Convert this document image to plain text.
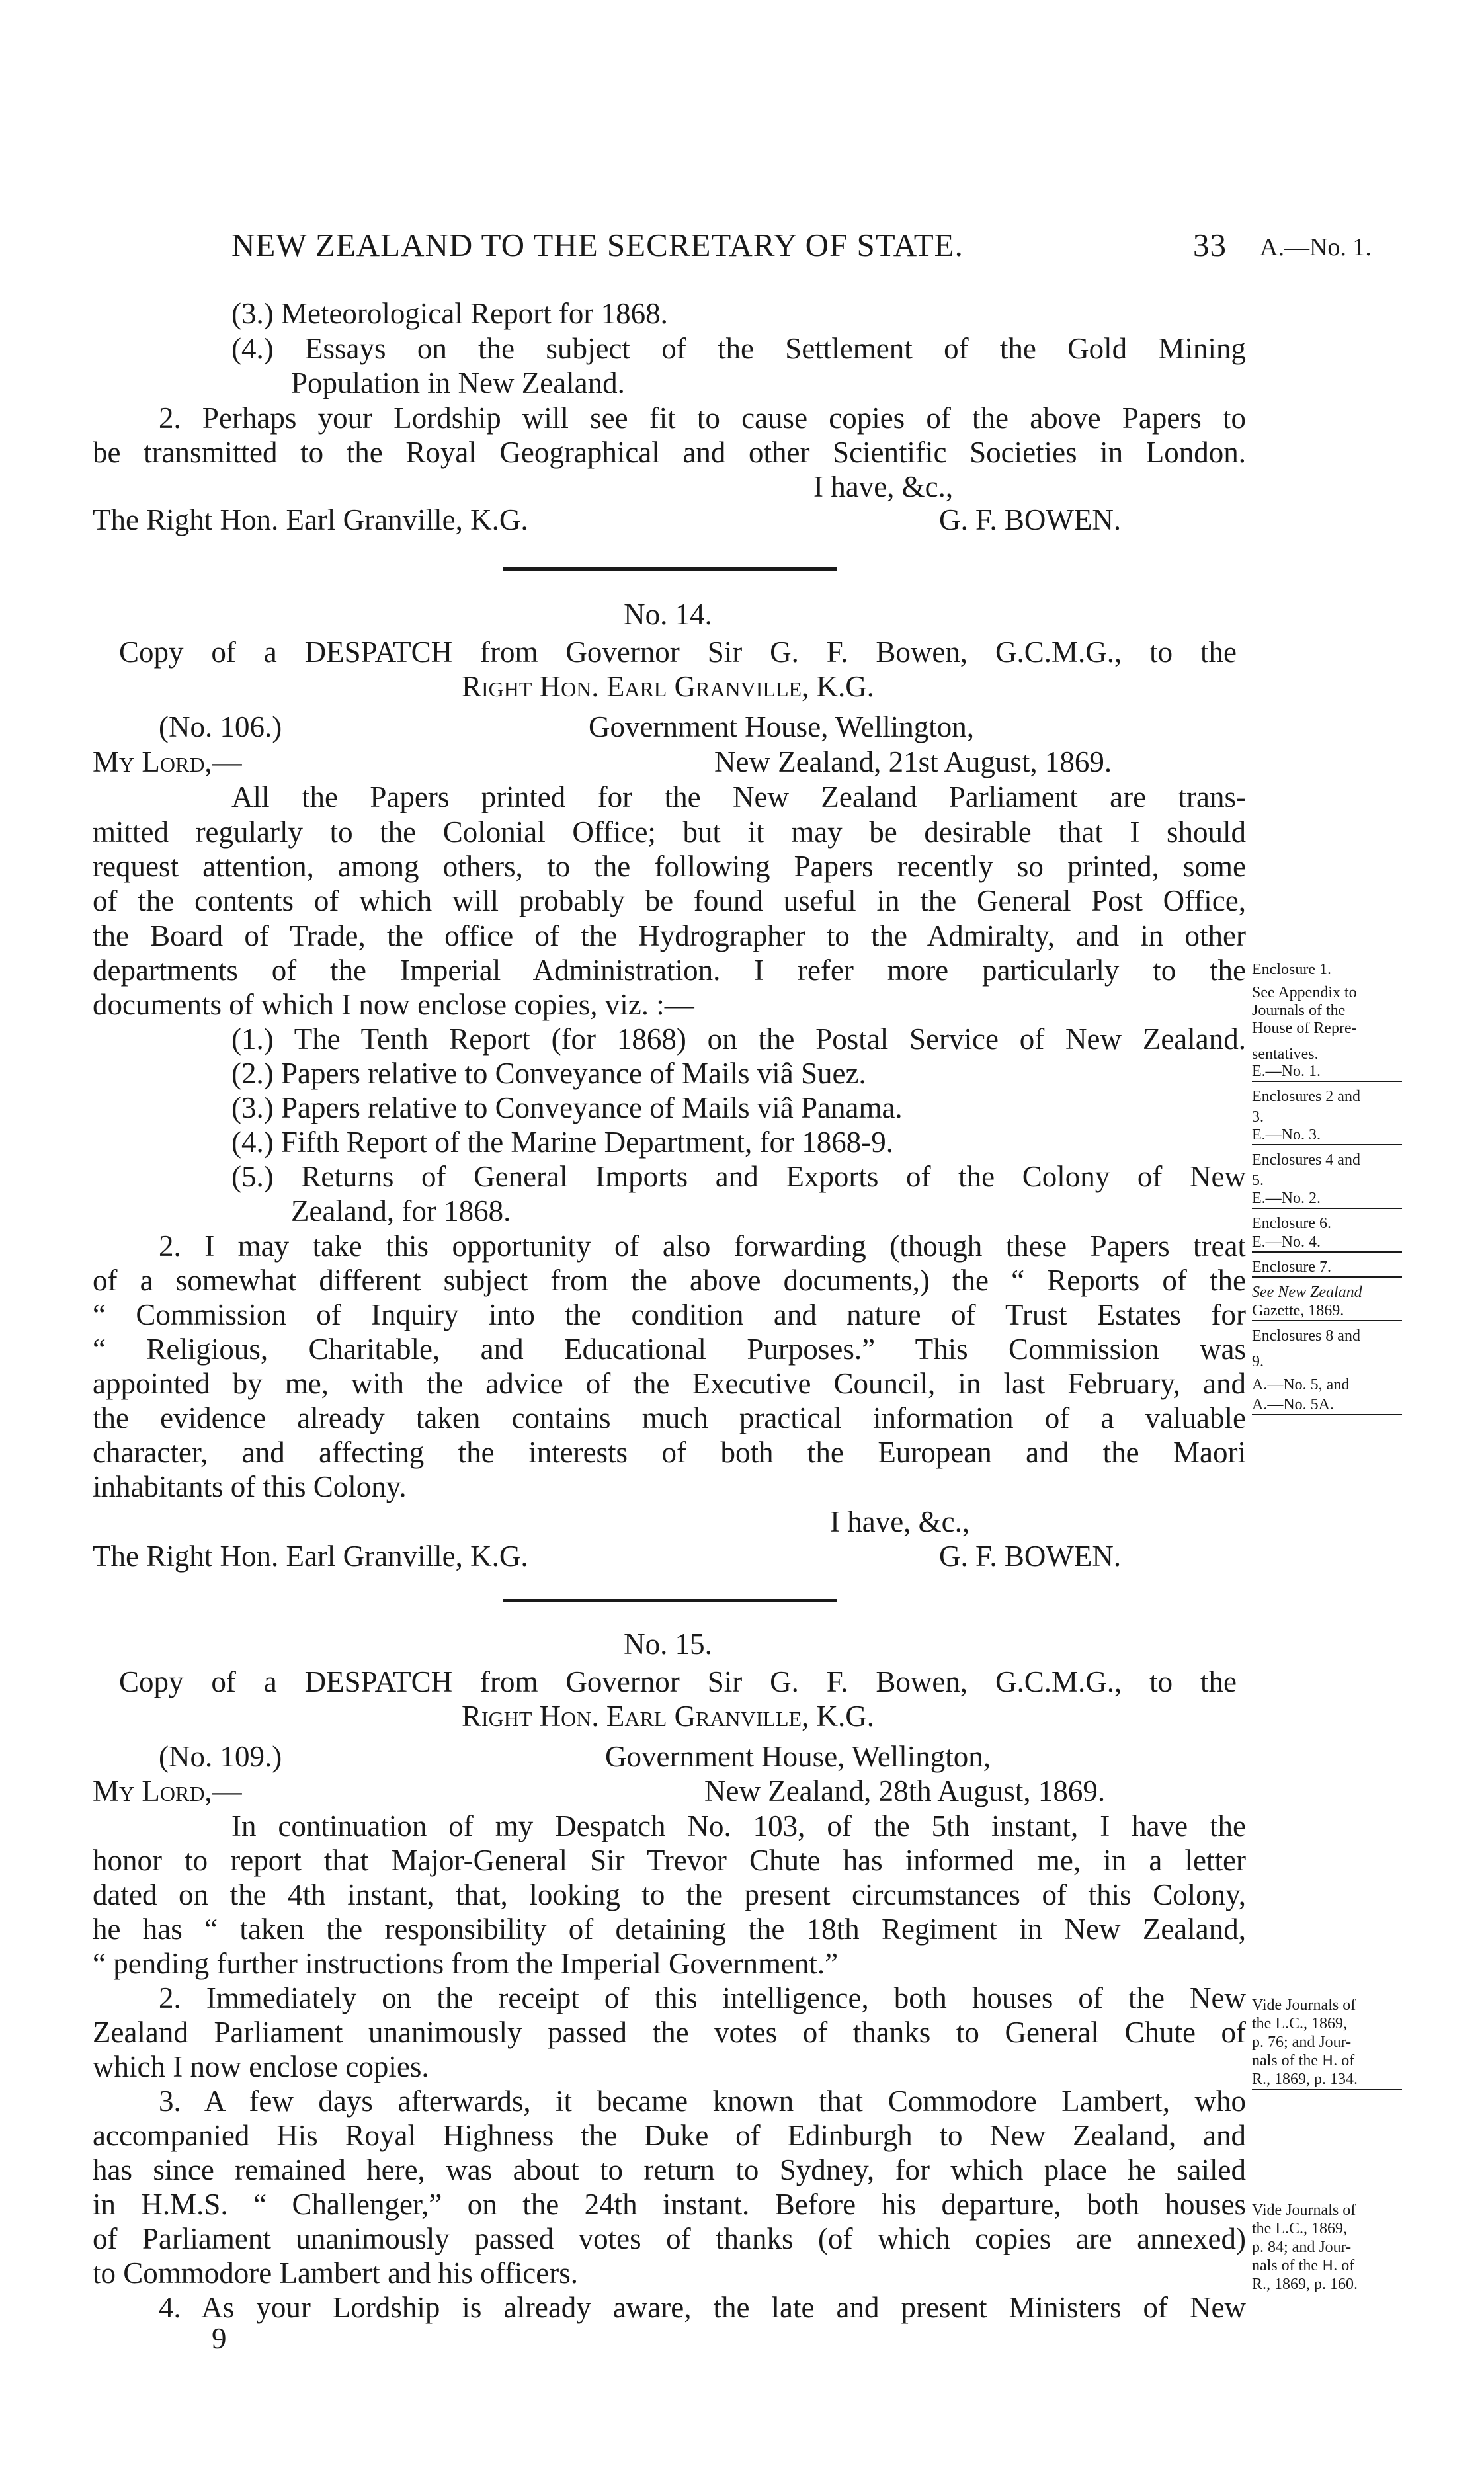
NEW ZEALAND TO THE SECRETARY OF STATE.	33 A.—No. 1.
(3.) Meteorological Report for 1868.
(4.) Essays on the subject of the Settlement of the Gold Mining
Population in New Zealand.
2. Perhaps your Lordship will see fit to cause copies of the above Papers to
be transmitted to the Royal Geographical and other Scientific Societies in London.
I have, &c.,
The Right Hon. Earl Granville, K.G.	G. F. BOWEN.
No. 14.
Copy of a DESPATCH from Governor Sir G. F. Bowen, G.C.M.G., to the
Right Hon. Earl Granville, K.G.
(No. 106.)	Government House, Wellington,
My Lord,—	New Zealand, 21st August, 1869.
All the Papers printed for the New Zealand Parliament are trans-
mitted regularly to the Colonial Office; but it may be desirable that I should
request attention, among others, to the following Papers recently so printed, some
of the contents of which will probably be found useful in the General Post Office,
the Board of Trade, the office of the Hydrographer to the Admiralty, and in other
departments of the Imperial Administration. I refer more particularly to the
documents of which I now enclose copies, viz. :—
(1.) The Tenth Report (for 1868) on the Postal Service of New Zealand.
(2.) Papers relative to Conveyance of Mails viâ Suez.
(3.) Papers relative to Conveyance of Mails viâ Panama.
(4.) Fifth Report of the Marine Department, for 1868-9.
(5.) Returns of General Imports and Exports of the Colony of New
Zealand, for 1868.
2. I may take this opportunity of also forwarding (though these Papers treat
of a somewhat different subject from the above documents,) the “ Reports of the
“ Commission of Inquiry into the condition and nature of Trust Estates for
“ Religious, Charitable, and Educational Purposes.” This Commission was
appointed by me, with the advice of the Executive Council, in last February, and
the evidence already taken contains much practical information of a valuable
character, and affecting the interests of both the European and the Maori
inhabitants of this Colony.
I have, &c.,
The Right Hon. Earl Granville, K.G.	G. F. BOWEN.
Enclosure 1.
See Appendix to
Journals of the
House of Repre-
sentatives.
E.—No. 1.
Enclosures 2 and
3.
E.—No. 3.
Enclosures 4 and
5.
E.—No. 2.
Enclosure 6.
E.—No. 4.
Enclosure 7.
See New Zealand
Gazette, 1869.
Enclosures 8 and
9.
A.—No. 5, and
A.—No. 5A.
No. 15.
Copy of a DESPATCH from Governor Sir G. F. Bowen, G.C.M.G., to the
Right Hon. Earl Granville, K.G.
(No. 109.)	Government House, Wellington,
My Lord,—	New Zealand, 28th August, 1869.
In continuation of my Despatch No. 103, of the 5th instant, I have the
honor to report that Major-General Sir Trevor Chute has informed me, in a letter
dated on the 4th instant, that, looking to the present circumstances of this Colony,
he has “ taken the responsibility of detaining the 18th Regiment in New Zealand,
“ pending further instructions from the Imperial Government.”
2. Immediately on the receipt of this intelligence, both houses of the New
Zealand Parliament unanimously passed the votes of thanks to General Chute of
which I now enclose copies.
3. A few days afterwards, it became known that Commodore Lambert, who
accompanied His Royal Highness the Duke of Edinburgh to New Zealand, and
has since remained here, was about to return to Sydney, for which place he sailed
in H.M.S. “ Challenger,” on the 24th instant. Before his departure, both houses
of Parliament unanimously passed votes of thanks (of which copies are annexed)
to Commodore Lambert and his officers.
4. As your Lordship is already aware, the late and present Ministers of New
Vide Journals of
the L.C., 1869,
p. 76; and Jour-
nals of the H. of
R., 1869, p. 134.
Vide Journals of
the L.C., 1869,
p. 84; and Jour-
nals of the H. of
R., 1869, p. 160.
9
